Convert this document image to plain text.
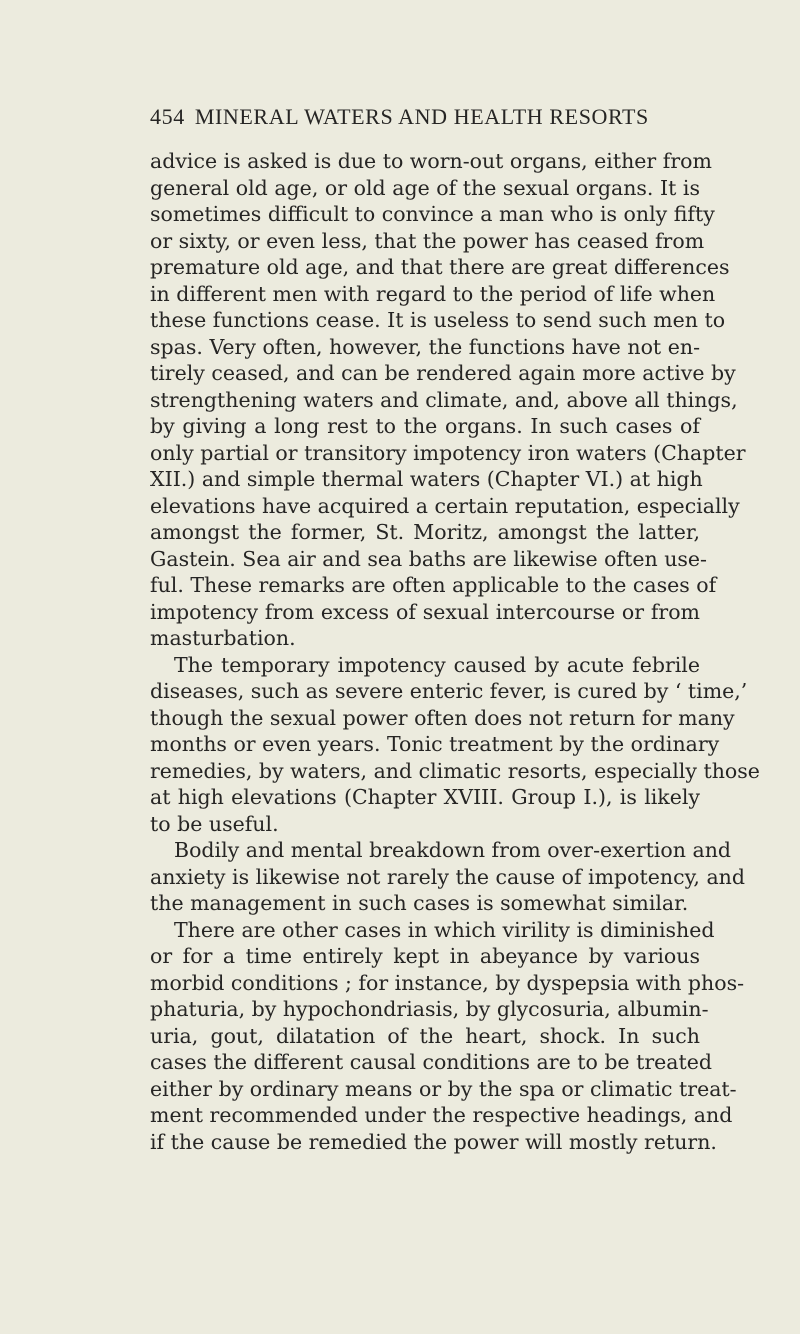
454 MINERAL WATERS AND HEALTH RESORTS
advice is asked is due to worn-out organs, either from
general old age, or old age of the sexual organs. It is
sometimes difficult to convince a man who is only fifty
or sixty, or even less, that the power has ceased from
premature old age, and that there are great differences
in different men with regard to the period of life when
these functions cease. It is useless to send such men to
spas. Very often, however, the functions have not en-
tirely ceased, and can be rendered again more active by
strengthening waters and climate, and, above all things,
by giving a long rest to the organs. In such cases of
only partial or transitory impotency iron waters (Chapter
XII.) and simple thermal waters (Chapter VI.) at high
elevations have acquired a certain reputation, especially
amongst the former, St. Moritz, amongst the latter,
Gastein. Sea air and sea baths are likewise often use-
ful. These remarks are often applicable to the cases of
impotency from excess of sexual intercourse or from
masturbation.
The temporary impotency caused by acute febrile
diseases, such as severe enteric fever, is cured by ‘ time,’
though the sexual power often does not return for many
months or even years. Tonic treatment by the ordinary
remedies, by waters, and climatic resorts, especially those
at high elevations (Chapter XVIII. Group I.), is likely
to be useful.
Bodily and mental breakdown from over-exertion and
anxiety is likewise not rarely the cause of impotency, and
the management in such cases is somewhat similar.
There are other cases in which virility is diminished
or for a time entirely kept in abeyance by various
morbid conditions ; for instance, by dyspepsia with phos-
phaturia, by hypochondriasis, by glycosuria, albumin-
uria, gout, dilatation of the heart, shock. In such
cases the different causal conditions are to be treated
either by ordinary means or by the spa or climatic treat-
ment recommended under the respective headings, and
if the cause be remedied the power will mostly return.
